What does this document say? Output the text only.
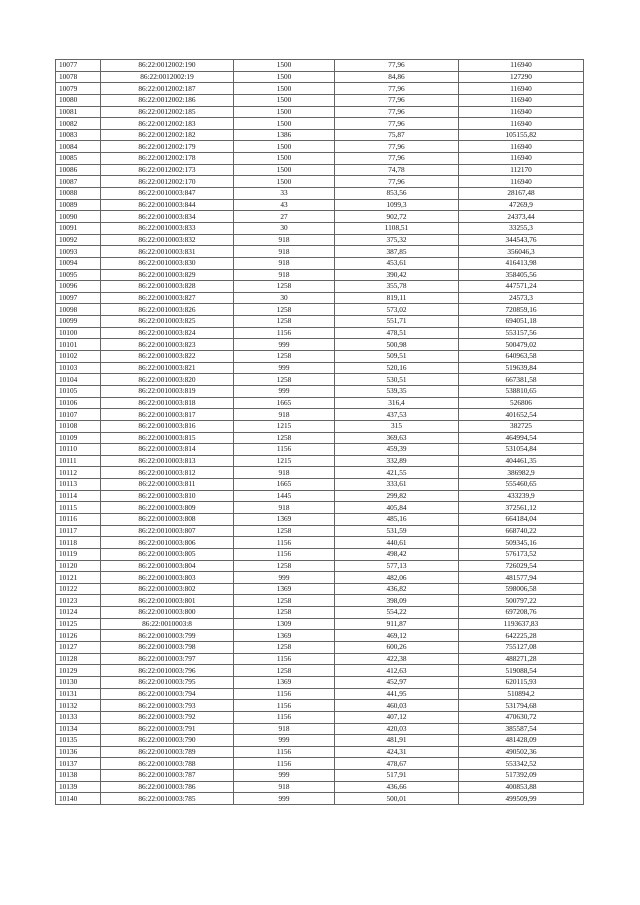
10077	86:22:0012002:190	1500	77,96	116940
10078	86:22:0012002:19	1500	84,86	127290
10079	86:22:0012002:187	1500	77,96	116940
10080	86:22:0012002:186	1500	77,96	116940
10081	86:22:0012002:185	1500	77,96	116940
10082	86:22:0012002:183	1500	77,96	116940
10083	86:22:0012002:182	1386	75,87	105155,82
10084	86:22:0012002:179	1500	77,96	116940
10085	86:22:0012002:178	1500	77,96	116940
10086	86:22:0012002:173	1500	74,78	112170
10087	86:22:0012002:170	1500	77,96	116940
10088	86:22:0010003:847	33	853,56	28167,48
10089	86:22:0010003:844	43	1099,3	47269,9
10090	86:22:0010003:834	27	902,72	24373,44
10091	86:22:0010003:833	30	1108,51	33255,3
10092	86:22:0010003:832	918	375,32	344543,76
10093	86:22:0010003:831	918	387,85	356046,3
10094	86:22:0010003:830	918	453,61	416413,98
10095	86:22:0010003:829	918	390,42	358405,56
10096	86:22:0010003:828	1258	355,78	447571,24
10097	86:22:0010003:827	30	819,11	24573,3
10098	86:22:0010003:826	1258	573,02	720859,16
10099	86:22:0010003:825	1258	551,71	694051,18
10100	86:22:0010003:824	1156	478,51	553157,56
10101	86:22:0010003:823	999	500,98	500479,02
10102	86:22:0010003:822	1258	509,51	640963,58
10103	86:22:0010003:821	999	520,16	519639,84
10104	86:22:0010003:820	1258	530,51	667381,58
10105	86:22:0010003:819	999	539,35	538810,65
10106	86:22:0010003:818	1665	316,4	526806
10107	86:22:0010003:817	918	437,53	401652,54
10108	86:22:0010003:816	1215	315	382725
10109	86:22:0010003:815	1258	369,63	464994,54
10110	86:22:0010003:814	1156	459,39	531054,84
10111	86:22:0010003:813	1215	332,89	404461,35
10112	86:22:0010003:812	918	421,55	386982,9
10113	86:22:0010003:811	1665	333,61	555460,65
10114	86:22:0010003:810	1445	299,82	433239,9
10115	86:22:0010003:809	918	405,84	372561,12
10116	86:22:0010003:808	1369	485,16	664184,04
10117	86:22:0010003:807	1258	531,59	668740,22
10118	86:22:0010003:806	1156	440,61	509345,16
10119	86:22:0010003:805	1156	498,42	576173,52
10120	86:22:0010003:804	1258	577,13	726029,54
10121	86:22:0010003:803	999	482,06	481577,94
10122	86:22:0010003:802	1369	436,82	598006,58
10123	86:22:0010003:801	1258	398,09	500797,22
10124	86:22:0010003:800	1258	554,22	697208,76
10125	86:22:0010003:8	1309	911,87	1193637,83
10126	86:22:0010003:799	1369	469,12	642225,28
10127	86:22:0010003:798	1258	600,26	755127,08
10128	86:22:0010003:797	1156	422,38	488271,28
10129	86:22:0010003:796	1258	412,63	519088,54
10130	86:22:0010003:795	1369	452,97	620115,93
10131	86:22:0010003:794	1156	441,95	510894,2
10132	86:22:0010003:793	1156	460,03	531794,68
10133	86:22:0010003:792	1156	407,12	470630,72
10134	86:22:0010003:791	918	420,03	385587,54
10135	86:22:0010003:790	999	481,91	481428,09
10136	86:22:0010003:789	1156	424,31	490502,36
10137	86:22:0010003:788	1156	478,67	553342,52
10138	86:22:0010003:787	999	517,91	517392,09
10139	86:22:0010003:786	918	436,66	400853,88
10140	86:22:0010003:785	999	500,01	499509,99
